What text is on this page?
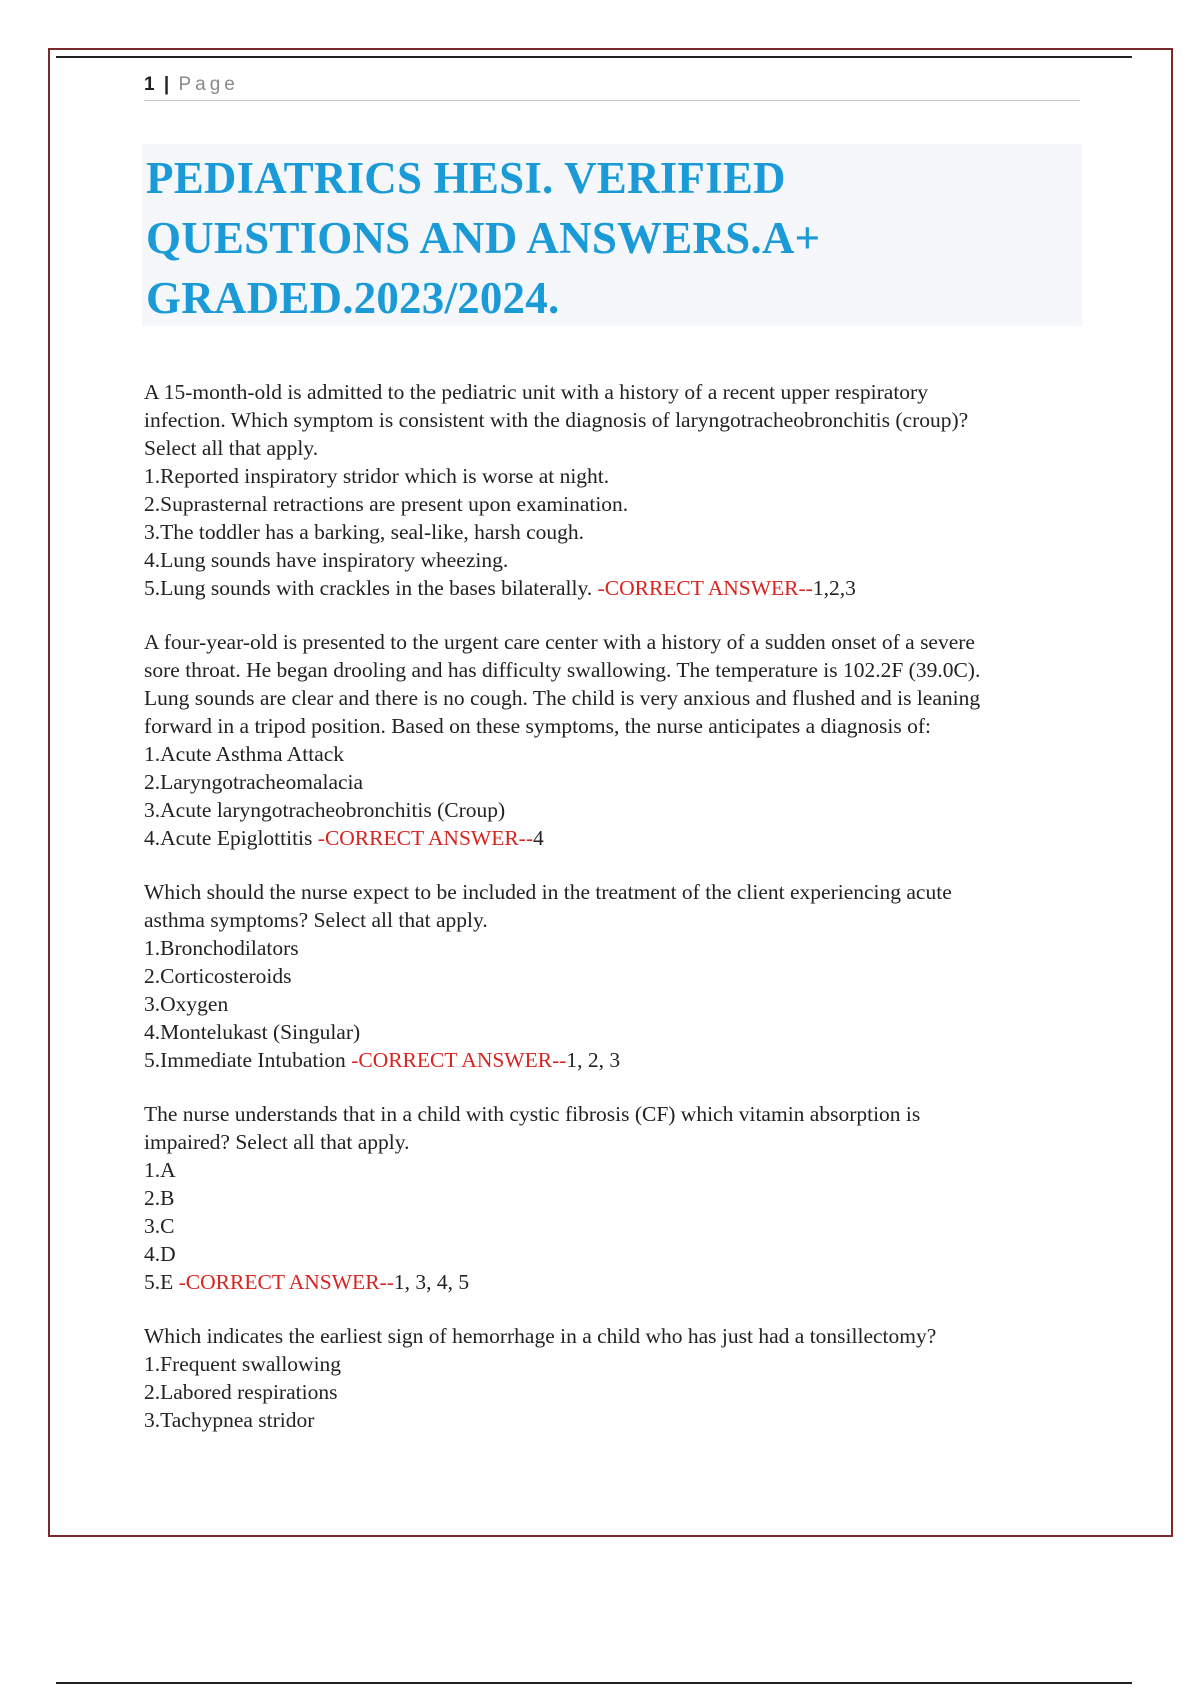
1 | Page
PEDIATRICS HESI. VERIFIED
QUESTIONS AND ANSWERS.A+
GRADED.2023/2024.

A 15-month-old is admitted to the pediatric unit with a history of a recent upper respiratory

infection. Which symptom is consistent with the diagnosis of laryngotracheobronchitis (croup)?

Select all that apply.

1.Reported inspiratory stridor which is worse at night.

2.Suprasternal retractions are present upon examination.

3.The toddler has a barking, seal-like, harsh cough.

4.Lung sounds have inspiratory wheezing.

5.Lung sounds with crackles in the bases bilaterally. -CORRECT ANSWER--1,2,3

A four-year-old is presented to the urgent care center with a history of a sudden onset of a severe

sore throat. He began drooling and has difficulty swallowing. The temperature is 102.2F (39.0C).

Lung sounds are clear and there is no cough. The child is very anxious and flushed and is leaning

forward in a tripod position. Based on these symptoms, the nurse anticipates a diagnosis of:

1.Acute Asthma Attack

2.Laryngotracheomalacia

3.Acute laryngotracheobronchitis (Croup)

4.Acute Epiglottitis -CORRECT ANSWER--4

Which should the nurse expect to be included in the treatment of the client experiencing acute

asthma symptoms? Select all that apply.

1.Bronchodilators

2.Corticosteroids

3.Oxygen

4.Montelukast (Singular)

5.Immediate Intubation -CORRECT ANSWER--1, 2, 3

The nurse understands that in a child with cystic fibrosis (CF) which vitamin absorption is

impaired? Select all that apply.

1.A

2.B

3.C

4.D

5.E -CORRECT ANSWER--1, 3, 4, 5

Which indicates the earliest sign of hemorrhage in a child who has just had a tonsillectomy?

1.Frequent swallowing

2.Labored respirations

3.Tachypnea stridor
